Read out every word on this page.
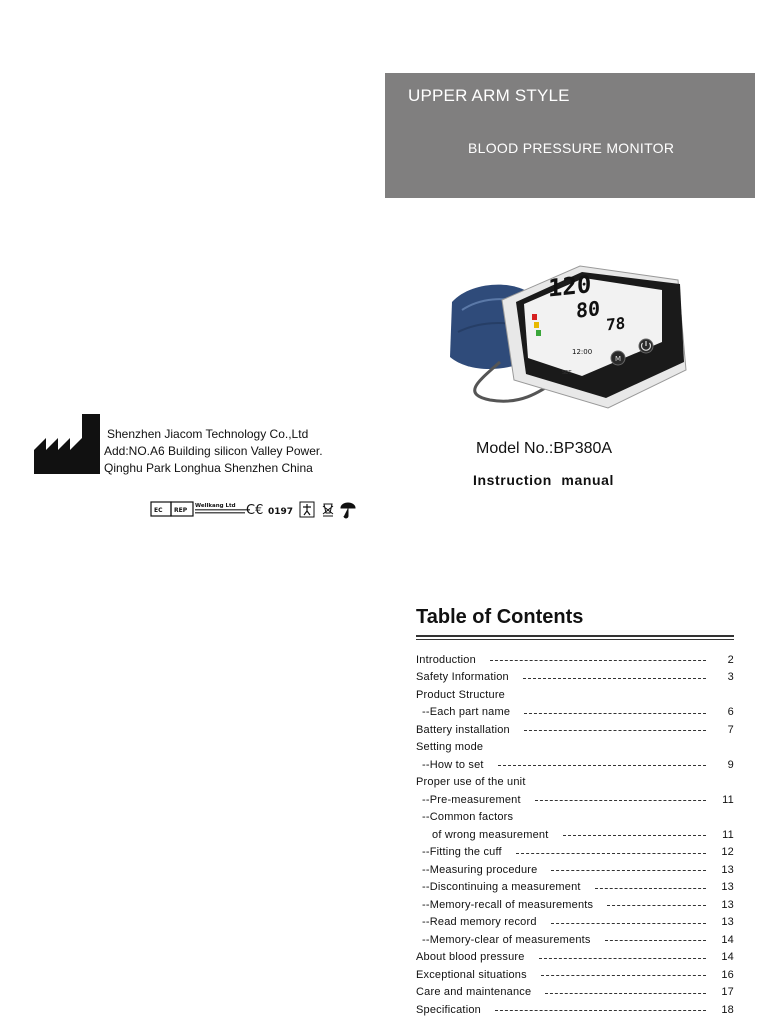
UPPER ARM STYLE
BLOOD PRESSURE MONITOR
120
80
78
12:00
M
SET
Model No.:BP380A
Instruction manual
Shenzhen Jiacom Technology Co.,Ltd
Add:NO.A6 Building silicon Valley Power.
Qinghu Park Longhua Shenzhen China
EC REP
Wellkang Ltd C€ 0197
Table of Contents
Introduction	2
Safety Information	3
Product Structure
--Each part name	6
Battery installation	7
Setting mode
--How to set	9
Proper use of the unit
--Pre-measurement	11
--Common factors
of wrong measurement	11
--Fitting the cuff	12
--Measuring procedure	13
--Discontinuing a measurement	13
--Memory-recall of measurements	13
--Read memory record	13
--Memory-clear of measurements	14
About blood pressure	14
Exceptional situations	16
Care and maintenance	17
Specification	18
